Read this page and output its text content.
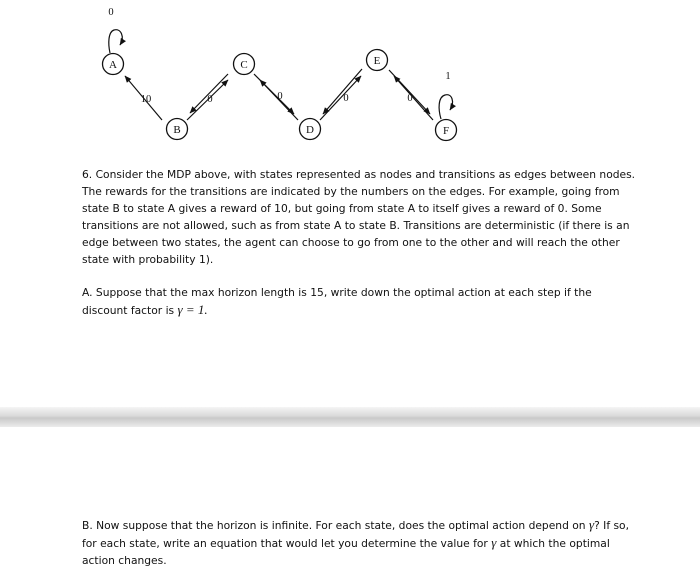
0
10	0	0	0	0
1
A
B
C
D
E
F

6. Consider the MDP above, with states represented as nodes and transitions as edges between nodes. The rewards for the transitions are indicated by the numbers on the edges. For example, going from state B to state A gives a reward of 10, but going from state A to itself gives a reward of 0. Some transitions are not allowed, such as from state A to state B. Transitions are deterministic (if there is an edge between two states, the agent can choose to go from one to the other and will reach the other state with probability 1).

A. Suppose that the max horizon length is 15, write down the optimal action at each step if the discount factor is γ = 1.

B. Now suppose that the horizon is infinite. For each state, does the optimal action depend on γ? If so, for each state, write an equation that would let you determine the value for γ at which the optimal action changes.
